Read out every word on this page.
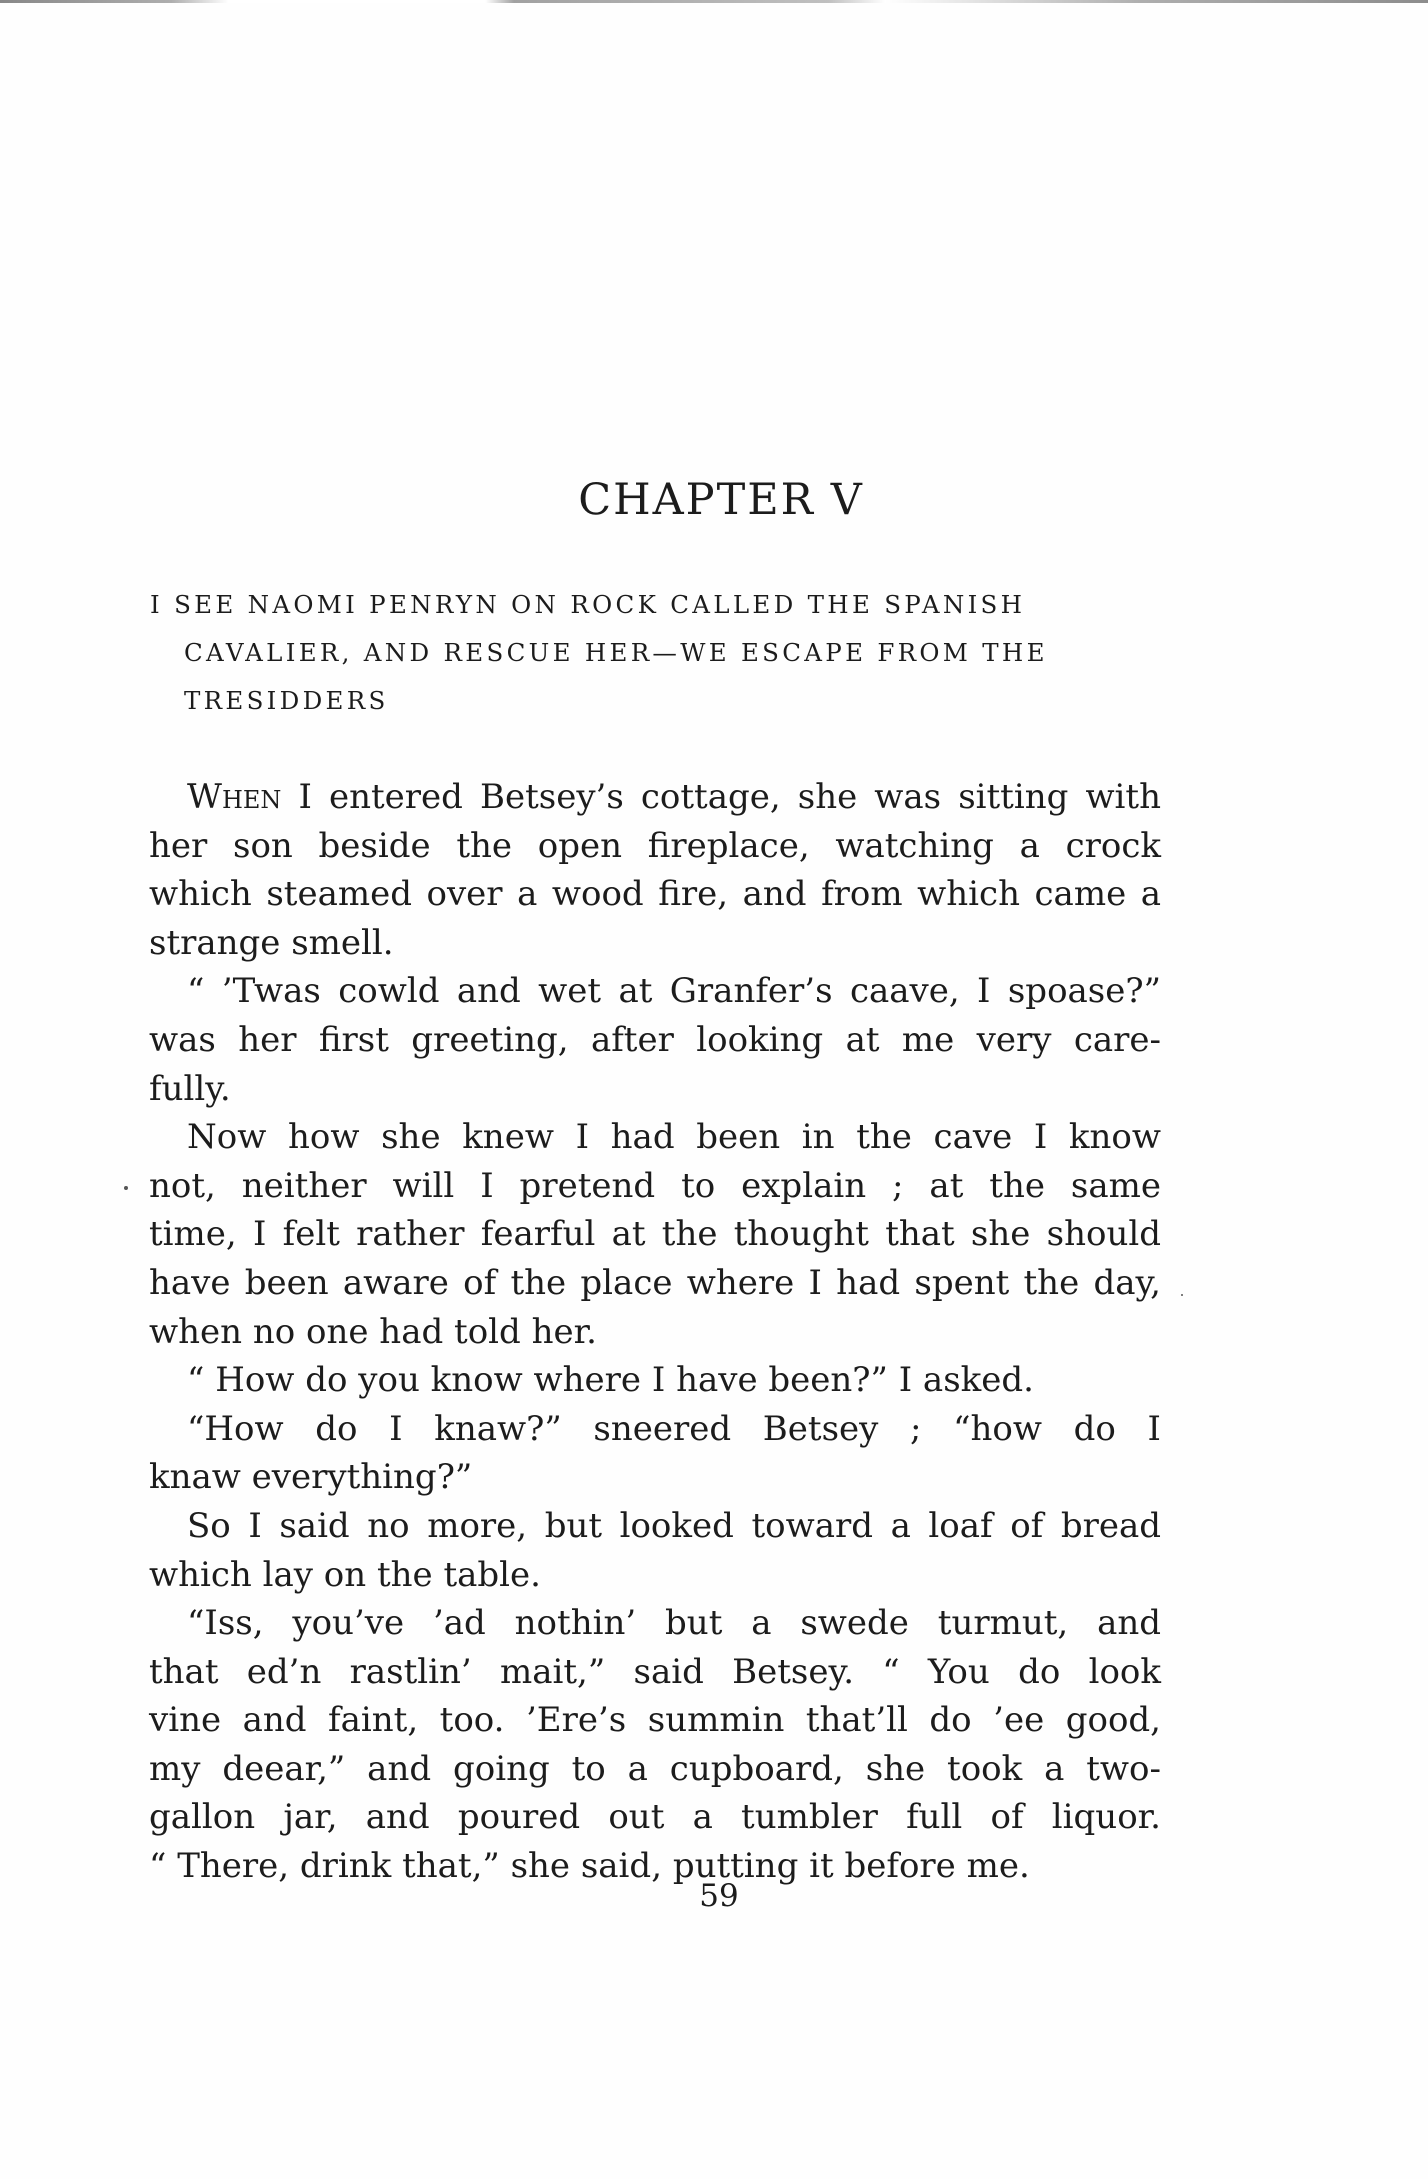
CHAPTER V
I SEE NAOMI PENRYN ON ROCK CALLED THE SPANISH
CAVALIER, AND RESCUE HER—WE ESCAPE FROM THE
TRESIDDERS
When I entered Betsey’s cottage, she was sitting with
her son beside the open fireplace, watching a crock
which steamed over a wood fire, and from which came a
strange smell.
“ ’Twas cowld and wet at Granfer’s caave, I spoase?”
was her first greeting, after looking at me very care-
fully.
Now how she knew I had been in the cave I know
not, neither will I pretend to explain ; at the same
time, I felt rather fearful at the thought that she should
have been aware of the place where I had spent the day,
when no one had told her.
“ How do you know where I have been?” I asked.
“How do I knaw?” sneered Betsey ; “how do I
knaw everything?”
So I said no more, but looked toward a loaf of bread
which lay on the table.
“Iss, you’ve ’ad nothin’ but a swede turmut, and
that ed’n rastlin’ mait,” said Betsey. “ You do look
vine and faint, too. ’Ere’s summin that’ll do ’ee good,
my deear,” and going to a cupboard, she took a two-
gallon jar, and poured out a tumbler full of liquor.
“ There, drink that,” she said, putting it before me.
59
